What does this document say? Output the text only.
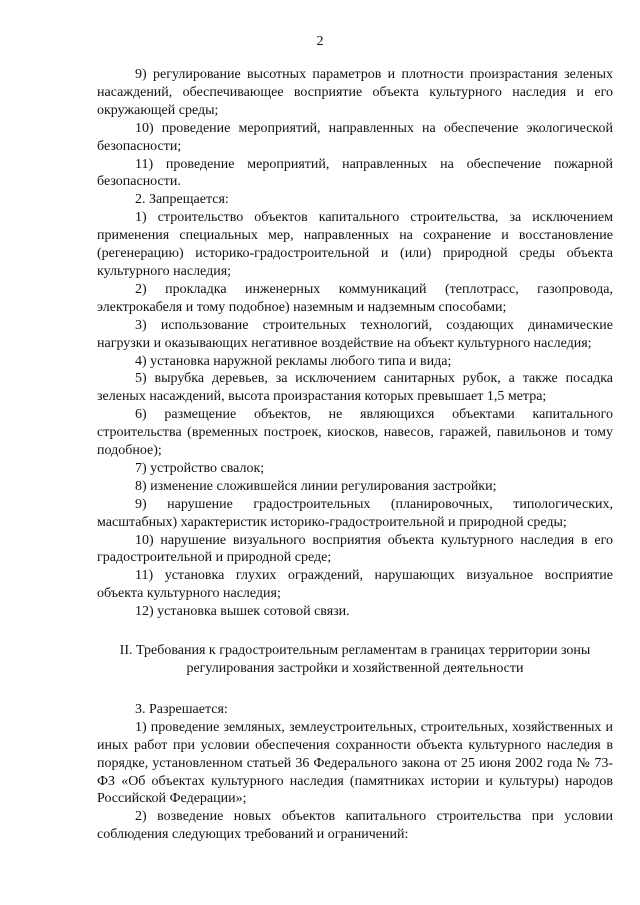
2

9) регулирование высотных параметров и плотности произрастания зеленых насаждений, обеспечивающее восприятие объекта культурного наследия и его окружающей среды;

10) проведение мероприятий, направленных на обеспечение экологической безопасности;

11) проведение мероприятий, направленных на обеспечение пожарной безопасности.

2. Запрещается:

1) строительство объектов капитального строительства, за исключением применения специальных мер, направленных на сохранение и восстановление (регенерацию) историко-градостроительной и (или) природной среды объекта культурного наследия;

2) прокладка инженерных коммуникаций (теплотрасс, газопровода, электрокабеля и тому подобное) наземным и надземным способами;

3) использование строительных технологий, создающих динамические нагрузки и оказывающих негативное воздействие на объект культурного наследия;

4) установка наружной рекламы любого типа и вида;

5) вырубка деревьев, за исключением санитарных рубок, а также посадка зеленых насаждений, высота произрастания которых превышает 1,5 метра;

6) размещение объектов, не являющихся объектами капитального строительства (временных построек, киосков, навесов, гаражей, павильонов и тому подобное);

7) устройство свалок;

8) изменение сложившейся линии регулирования застройки;

9) нарушение градостроительных (планировочных, типологических, масштабных) характеристик историко-градостроительной и природной среды;

10) нарушение визуального восприятия объекта культурного наследия в его градостроительной и природной среде;

11) установка глухих ограждений, нарушающих визуальное восприятие объекта культурного наследия;

12) установка вышек сотовой связи.

II. Требования к градостроительным регламентам в границах территории зоны
регулирования застройки и хозяйственной деятельности

3. Разрешается:

1) проведение земляных, землеустроительных, строительных, хозяйственных и иных работ при условии обеспечения сохранности объекта культурного наследия в порядке, установленном статьей 36 Федерального закона от 25 июня 2002 года № 73-ФЗ «Об объектах культурного наследия (памятниках истории и культуры) народов Российской Федерации»;

2) возведение новых объектов капитального строительства при условии соблюдения следующих требований и ограничений:
